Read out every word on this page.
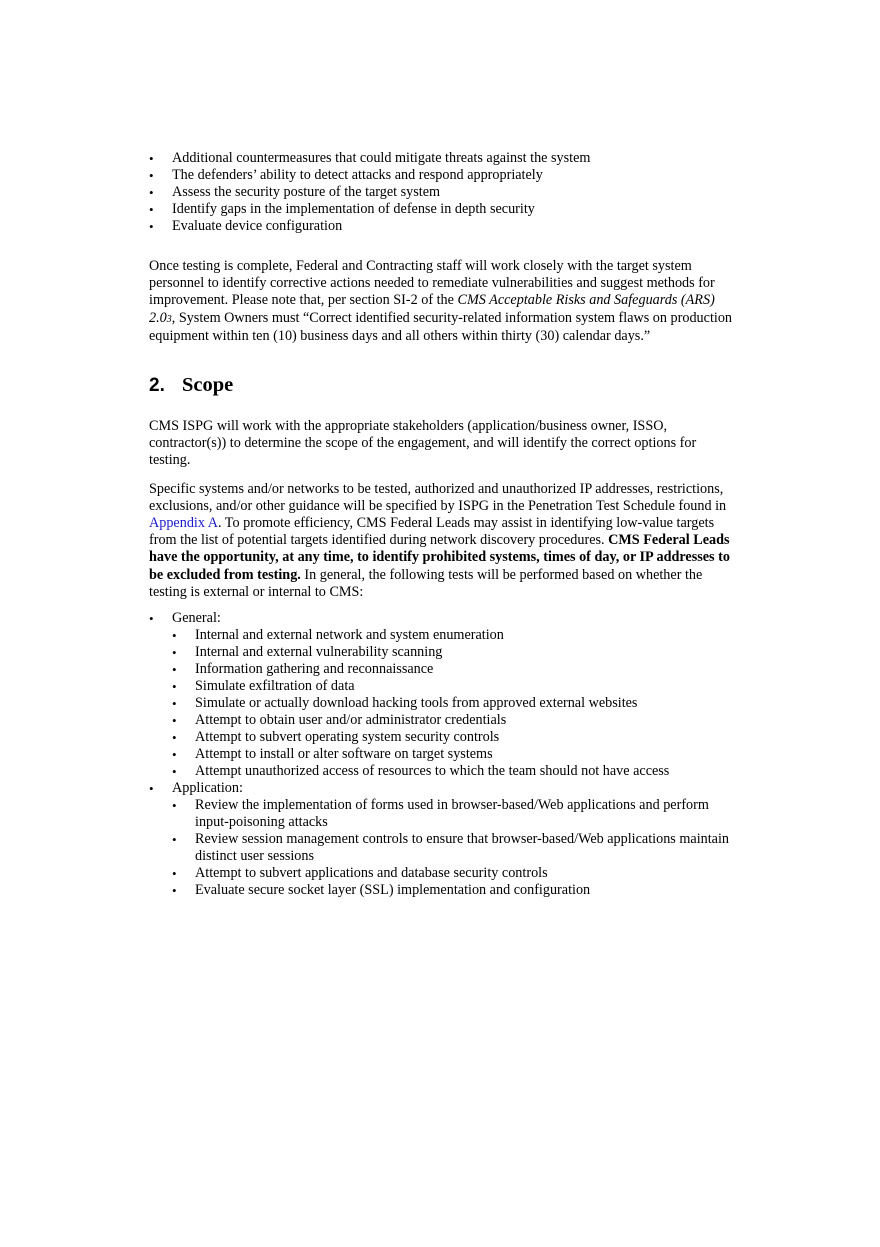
• Additional countermeasures that could mitigate threats against the system
• The defenders’ ability to detect attacks and respond appropriately
• Assess the security posture of the target system
• Identify gaps in the implementation of defense in depth security
• Evaluate device configuration

Once testing is complete, Federal and Contracting staff will work closely with the target system personnel to identify corrective actions needed to remediate vulnerabilities and suggest methods for improvement. Please note that, per section SI-2 of the CMS Acceptable Risks and Safeguards (ARS) 2.03, System Owners must “Correct identified security-related information system flaws on production equipment within ten (10) business days and all others within thirty (30) calendar days.”

2. Scope

CMS ISPG will work with the appropriate stakeholders (application/business owner, ISSO, contractor(s)) to determine the scope of the engagement, and will identify the correct options for testing.

Specific systems and/or networks to be tested, authorized and unauthorized IP addresses, restrictions, exclusions, and/or other guidance will be specified by ISPG in the Penetration Test Schedule found in Appendix A. To promote efficiency, CMS Federal Leads may assist in identifying low-value targets from the list of potential targets identified during network discovery procedures. CMS Federal Leads have the opportunity, at any time, to identify prohibited systems, times of day, or IP addresses to be excluded from testing. In general, the following tests will be performed based on whether the testing is external or internal to CMS:

• General:
• Internal and external network and system enumeration
• Internal and external vulnerability scanning
• Information gathering and reconnaissance
• Simulate exfiltration of data
• Simulate or actually download hacking tools from approved external websites
• Attempt to obtain user and/or administrator credentials
• Attempt to subvert operating system security controls
• Attempt to install or alter software on target systems
• Attempt unauthorized access of resources to which the team should not have access
• Application:
• Review the implementation of forms used in browser-based/Web applications and perform input-poisoning attacks
• Review session management controls to ensure that browser-based/Web applications maintain distinct user sessions
• Attempt to subvert applications and database security controls
• Evaluate secure socket layer (SSL) implementation and configuration
